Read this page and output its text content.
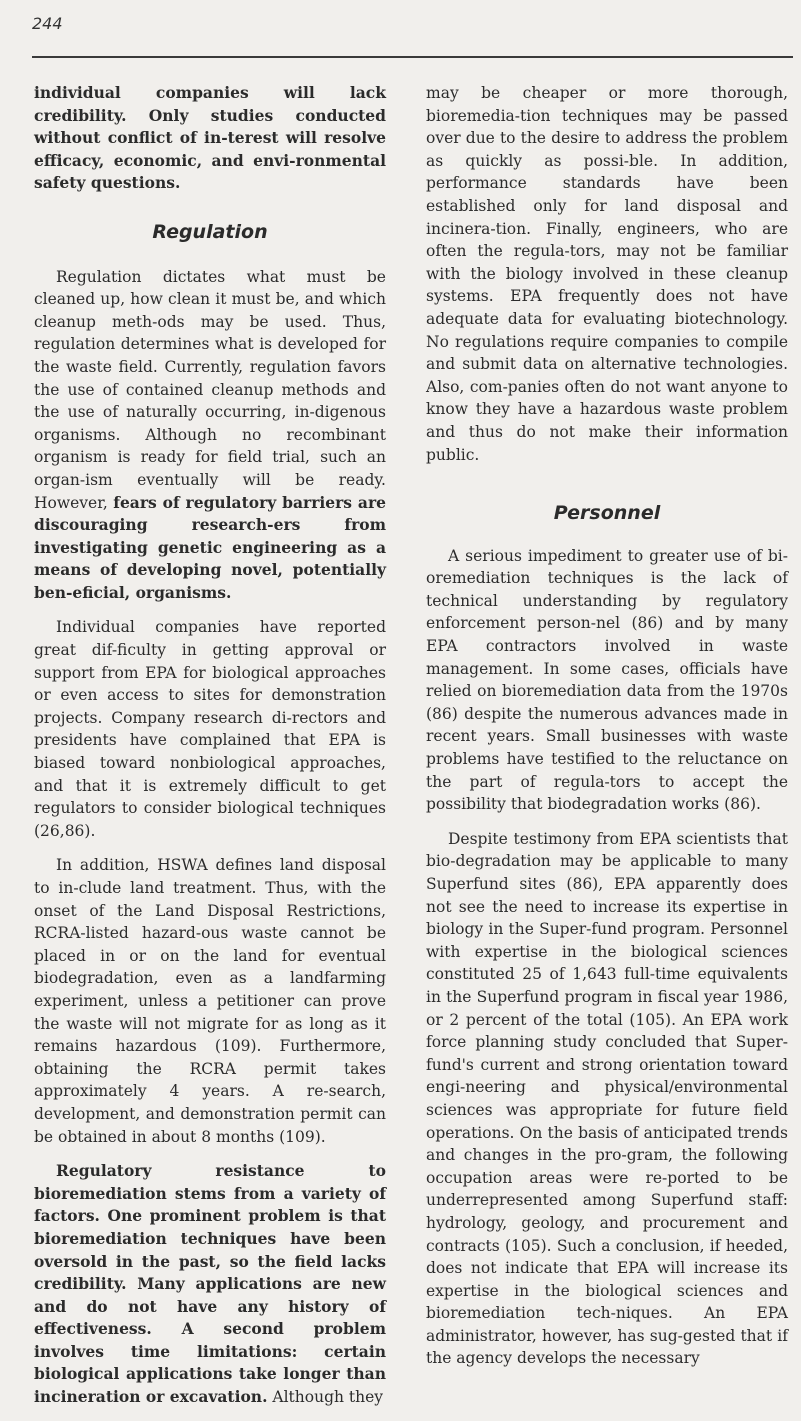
244

individual companies will lack credibility. Only studies conducted without conflict of in-terest will resolve efficacy, economic, and envi-ronmental safety questions.

Regulation

Regulation dictates what must be cleaned up, how clean it must be, and which cleanup meth-ods may be used. Thus, regulation determines what is developed for the waste field. Currently, regulation favors the use of contained cleanup methods and the use of naturally occurring, in-digenous organisms. Although no recombinant organism is ready for field trial, such an organ-ism eventually will be ready. However, fears of regulatory barriers are discouraging research-ers from investigating genetic engineering as a means of developing novel, potentially ben-eficial, organisms.

Individual companies have reported great dif-ficulty in getting approval or support from EPA for biological approaches or even access to sites for demonstration projects. Company research di-rectors and presidents have complained that EPA is biased toward nonbiological approaches, and that it is extremely difficult to get regulators to consider biological techniques (26,86).

In addition, HSWA defines land disposal to in-clude land treatment. Thus, with the onset of the Land Disposal Restrictions, RCRA-listed hazard-ous waste cannot be placed in or on the land for eventual biodegradation, even as a landfarming experiment, unless a petitioner can prove the waste will not migrate for as long as it remains hazardous (109). Furthermore, obtaining the RCRA permit takes approximately 4 years. A re-search, development, and demonstration permit can be obtained in about 8 months (109).

Regulatory resistance to bioremediation stems from a variety of factors. One prominent problem is that bioremediation techniques have been oversold in the past, so the field lacks credibility. Many applications are new and do not have any history of effectiveness. A second problem involves time limitations: certain biological applications take longer than incineration or excavation. Although they

may be cheaper or more thorough, bioremedia-tion techniques may be passed over due to the desire to address the problem as quickly as possi-ble. In addition, performance standards have been established only for land disposal and incinera-tion. Finally, engineers, who are often the regula-tors, may not be familiar with the biology involved in these cleanup systems. EPA frequently does not have adequate data for evaluating biotechnology. No regulations require companies to compile and submit data on alternative technologies. Also, com-panies often do not want anyone to know they have a hazardous waste problem and thus do not make their information public.

Personnel

A serious impediment to greater use of bi-oremediation techniques is the lack of technical understanding by regulatory enforcement person-nel (86) and by many EPA contractors involved in waste management. In some cases, officials have relied on bioremediation data from the 1970s (86) despite the numerous advances made in recent years. Small businesses with waste problems have testified to the reluctance on the part of regula-tors to accept the possibility that biodegradation works (86).

Despite testimony from EPA scientists that bio-degradation may be applicable to many Superfund sites (86), EPA apparently does not see the need to increase its expertise in biology in the Super-fund program. Personnel with expertise in the biological sciences constituted 25 of 1,643 full-time equivalents in the Superfund program in fiscal year 1986, or 2 percent of the total (105). An EPA work force planning study concluded that Super-fund's current and strong orientation toward engi-neering and physical/environmental sciences was appropriate for future field operations. On the basis of anticipated trends and changes in the pro-gram, the following occupation areas were re-ported to be underrepresented among Superfund staff: hydrology, geology, and procurement and contracts (105). Such a conclusion, if heeded, does not indicate that EPA will increase its expertise in the biological sciences and bioremediation tech-niques. An EPA administrator, however, has sug-gested that if the agency develops the necessary
